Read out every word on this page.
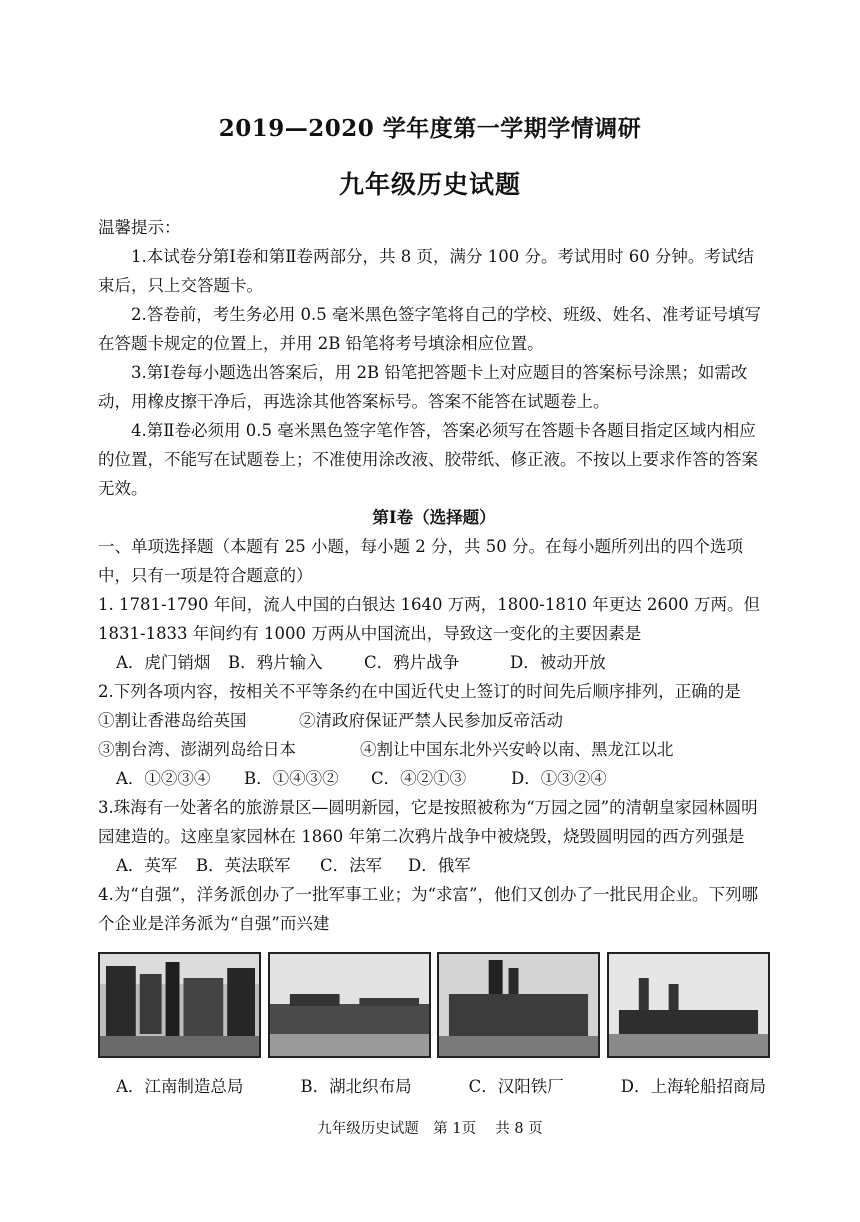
2019—2020 学年度第一学期学情调研
九年级历史试题

温馨提示：

1.本试卷分第Ⅰ卷和第Ⅱ卷两部分，共 8 页，满分 100 分。考试用时 60 分钟。考试结束后，只上交答题卡。

2.答卷前，考生务必用 0.5 毫米黑色签字笔将自己的学校、班级、姓名、准考证号填写在答题卡规定的位置上，并用 2B 铅笔将考号填涂相应位置。

3.第Ⅰ卷每小题选出答案后，用 2B 铅笔把答题卡上对应题目的答案标号涂黑；如需改动，用橡皮擦干净后，再选涂其他答案标号。答案不能答在试题卷上。

4.第Ⅱ卷必须用 0.5 毫米黑色签字笔作答，答案必须写在答题卡各题目指定区域内相应的位置，不能写在试题卷上；不准使用涂改液、胶带纸、修正液。不按以上要求作答的答案无效。

第Ⅰ卷（选择题）

一、单项选择题（本题有 25 小题，每小题 2 分，共 50 分。在每小题所列出的四个选项中，只有一项是符合题意的）

1. 1781-1790 年间，流人中国的白银达 1640 万两，1800-1810 年更达 2600 万两。但 1831-1833 年间约有 1000 万两从中国流出，导致这一变化的主要因素是

A．虎门销烟	B．鸦片输入	C．鸦片战争	D．被动开放

2.下列各项内容，按相关不平等条约在中国近代史上签订的时间先后顺序排列，正确的是

①割让香港岛给英国	②清政府保证严禁人民参加反帝活动
③割台湾、澎湖列岛给日本	④割让中国东北外兴安岭以南、黑龙江以北
A．①②③④	B．①④③②	C．④②①③	D．①③②④

3.珠海有一处著名的旅游景区—圆明新园，它是按照被称为“万园之园”的清朝皇家园林圆明园建造的。这座皇家园林在 1860 年第二次鸦片战争中被烧毁，烧毁圆明园的西方列强是

A．英军	B．英法联军	C．法军	D．俄军

4.为“自强”，洋务派创办了一批军事工业；为“求富”，他们又创办了一批民用企业。下列哪个企业是洋务派为“自强”而兴建

A．江南制造总局	B．湖北织布局	C．汉阳铁厂	D．上海轮船招商局
九年级历史试题　第 1页　 共 8 页
